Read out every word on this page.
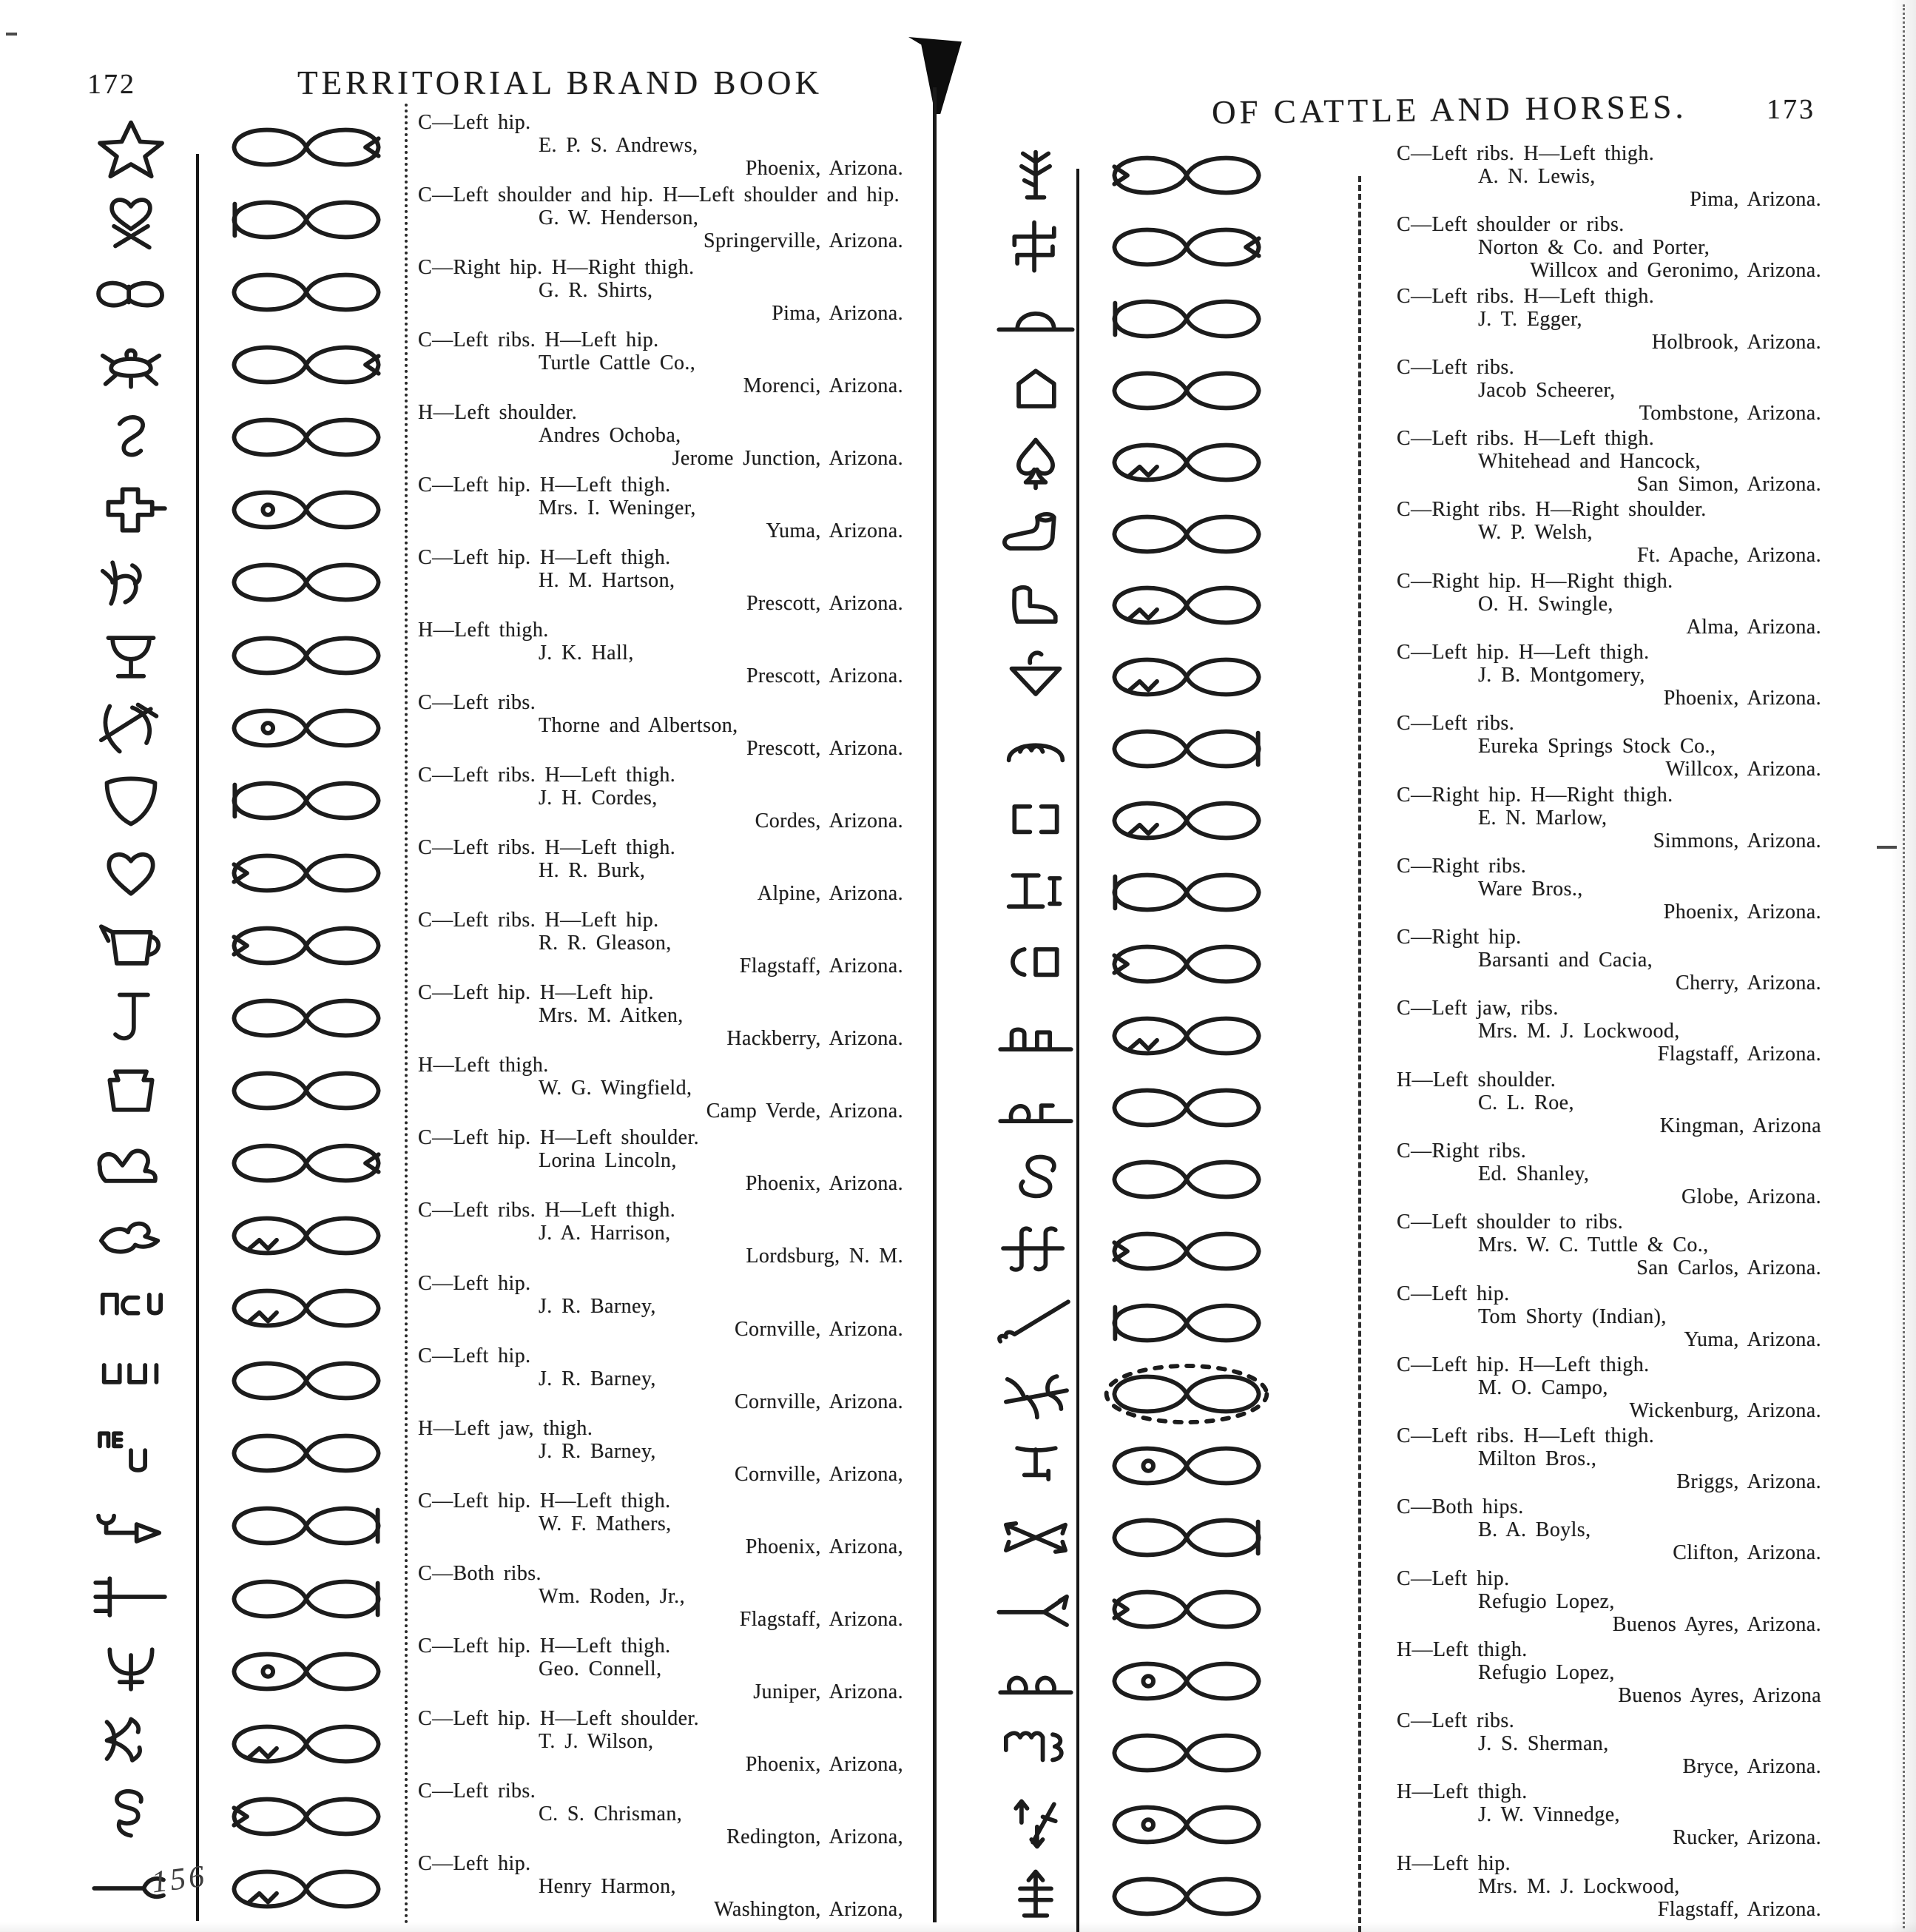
172	TERRITORIAL BRAND BOOK
C—Left hip.
E. P. S. Andrews,
Phoenix, Arizona.
C—Left shoulder and hip. H—Left shoulder and hip.
G. W. Henderson,
Springerville, Arizona.
C—Right hip. H—Right thigh.
G. R. Shirts,
Pima, Arizona.
C—Left ribs. H—Left hip.
Turtle Cattle Co.,
Morenci, Arizona.
H—Left shoulder.
Andres Ochoba,
Jerome Junction, Arizona.
C—Left hip. H—Left thigh.
Mrs. I. Weninger,
Yuma, Arizona.
C—Left hip. H—Left thigh.
H. M. Hartson,
Prescott, Arizona.
H—Left thigh.
J. K. Hall,
Prescott, Arizona.
C—Left ribs.
Thorne and Albertson,
Prescott, Arizona.
C—Left ribs. H—Left thigh.
J. H. Cordes,
Cordes, Arizona.
C—Left ribs. H—Left thigh.
H. R. Burk,
Alpine, Arizona.
C—Left ribs. H—Left hip.
R. R. Gleason,
Flagstaff, Arizona.
C—Left hip. H—Left hip.
Mrs. M. Aitken,
Hackberry, Arizona.
H—Left thigh.
W. G. Wingfield,
Camp Verde, Arizona.
C—Left hip. H—Left shoulder.
Lorina Lincoln,
Phoenix, Arizona.
C—Left ribs. H—Left thigh.
J. A. Harrison,
Lordsburg, N. M.
C—Left hip.
J. R. Barney,
Cornville, Arizona.
C—Left hip.
J. R. Barney,
Cornville, Arizona.
H—Left jaw, thigh.
J. R. Barney,
Cornville, Arizona,
C—Left hip. H—Left thigh.
W. F. Mathers,
Phoenix, Arizona,
C—Both ribs.
Wm. Roden, Jr.,
Flagstaff, Arizona.
C—Left hip. H—Left thigh.
Geo. Connell,
Juniper, Arizona.
C—Left hip. H—Left shoulder.
T. J. Wilson,
Phoenix, Arizona,
C—Left ribs.
C. S. Chrisman,
Redington, Arizona,
C—Left hip.
Henry Harmon,
Washington, Arizona,
156
OF CATTLE AND HORSES.	173
C—Left ribs. H—Left thigh.
A. N. Lewis,
Pima, Arizona.
C—Left shoulder or ribs.
Norton & Co. and Porter,
Willcox and Geronimo, Arizona.
C—Left ribs. H—Left thigh.
J. T. Egger,
Holbrook, Arizona.
C—Left ribs.
Jacob Scheerer,
Tombstone, Arizona.
C—Left ribs. H—Left thigh.
Whitehead and Hancock,
San Simon, Arizona.
C—Right ribs. H—Right shoulder.
W. P. Welsh,
Ft. Apache, Arizona.
C—Right hip. H—Right thigh.
O. H. Swingle,
Alma, Arizona.
C—Left hip. H—Left thigh.
J. B. Montgomery,
Phoenix, Arizona.
C—Left ribs.
Eureka Springs Stock Co.,
Willcox, Arizona.
C—Right hip. H—Right thigh.
E. N. Marlow,
Simmons, Arizona.
C—Right ribs.
Ware Bros.,
Phoenix, Arizona.
C—Right hip.
Barsanti and Cacia,
Cherry, Arizona.
C—Left jaw, ribs.
Mrs. M. J. Lockwood,
Flagstaff, Arizona.
H—Left shoulder.
C. L. Roe,
Kingman, Arizona
C—Right ribs.
Ed. Shanley,
Globe, Arizona.
C—Left shoulder to ribs.
Mrs. W. C. Tuttle & Co.,
San Carlos, Arizona.
C—Left hip.
Tom Shorty (Indian),
Yuma, Arizona.
C—Left hip. H—Left thigh.
M. O. Campo,
Wickenburg, Arizona.
C—Left ribs. H—Left thigh.
Milton Bros.,
Briggs, Arizona.
C—Both hips.
B. A. Boyls,
Clifton, Arizona.
C—Left hip.
Refugio Lopez,
Buenos Ayres, Arizona.
H—Left thigh.
Refugio Lopez,
Buenos Ayres, Arizona
C—Left ribs.
J. S. Sherman,
Bryce, Arizona.
H—Left thigh.
J. W. Vinnedge,
Rucker, Arizona.
H—Left hip.
Mrs. M. J. Lockwood,
Flagstaff, Arizona.
